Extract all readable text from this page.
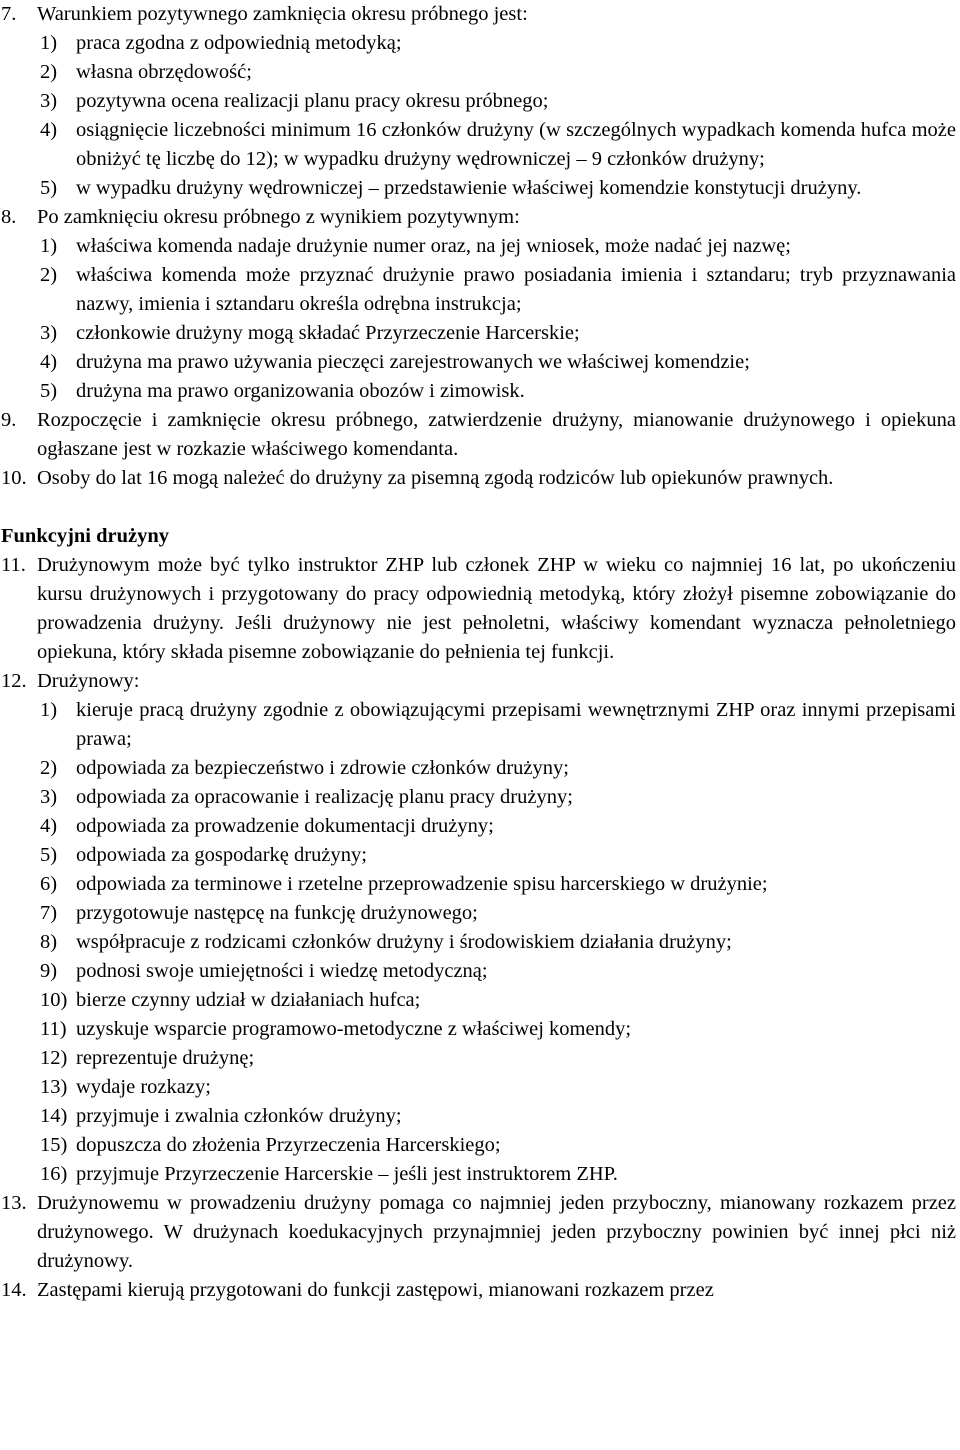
7.	Warunkiem pozytywnego zamknięcia okresu próbnego jest:
1) praca zgodna z odpowiednią metodyką;
2) własna obrzędowość;
3) pozytywna ocena realizacji planu pracy okresu próbnego;
4) osiągnięcie liczebności minimum 16 członków drużyny (w szczególnych wypadkach komenda hufca może obniżyć tę liczbę do 12); w wypadku drużyny wędrowniczej – 9 członków drużyny;
5) w wypadku drużyny wędrowniczej – przedstawienie właściwej komendzie konstytucji drużyny.
8.	Po zamknięciu okresu próbnego z wynikiem pozytywnym:
1) właściwa komenda nadaje drużynie numer oraz, na jej wniosek, może nadać jej nazwę;
2) właściwa komenda może przyznać drużynie prawo posiadania imienia i sztandaru; tryb przyznawania nazwy, imienia i sztandaru określa odrębna instrukcja;
3) członkowie drużyny mogą składać Przyrzeczenie Harcerskie;
4) drużyna ma prawo używania pieczęci zarejestrowanych we właściwej komendzie;
5) drużyna ma prawo organizowania obozów i zimowisk.
9.	Rozpoczęcie i zamknięcie okresu próbnego, zatwierdzenie drużyny, mianowanie drużynowego i opiekuna ogłaszane jest w rozkazie właściwego komendanta.
10. Osoby do lat 16 mogą należeć do drużyny za pisemną zgodą rodziców lub opiekunów prawnych.
Funkcyjni drużyny
11. Drużynowym może być tylko instruktor ZHP lub członek ZHP w wieku co najmniej 16 lat, po ukończeniu kursu drużynowych i przygotowany do pracy odpowiednią metodyką, który złożył pisemne zobowiązanie do prowadzenia drużyny. Jeśli drużynowy nie jest pełnoletni, właściwy komendant wyznacza pełnoletniego opiekuna, który składa pisemne zobowiązanie do pełnienia tej funkcji.
12. Drużynowy:
1) kieruje pracą drużyny zgodnie z obowiązującymi przepisami wewnętrznymi ZHP oraz innymi przepisami prawa;
2) odpowiada za bezpieczeństwo i zdrowie członków drużyny;
3) odpowiada za opracowanie i realizację planu pracy drużyny;
4) odpowiada za prowadzenie dokumentacji drużyny;
5) odpowiada za gospodarkę drużyny;
6) odpowiada za terminowe i rzetelne przeprowadzenie spisu harcerskiego w drużynie;
7) przygotowuje następcę na funkcję drużynowego;
8) współpracuje z rodzicami członków drużyny i środowiskiem działania drużyny;
9) podnosi swoje umiejętności i wiedzę metodyczną;
10) bierze czynny udział w działaniach hufca;
11) uzyskuje wsparcie programowo-metodyczne z właściwej komendy;
12) reprezentuje drużynę;
13) wydaje rozkazy;
14) przyjmuje i zwalnia członków drużyny;
15) dopuszcza do złożenia Przyrzeczenia Harcerskiego;
16) przyjmuje Przyrzeczenie Harcerskie – jeśli jest instruktorem ZHP.
13. Drużynowemu w prowadzeniu drużyny pomaga co najmniej jeden przyboczny, mianowany rozkazem przez drużynowego. W drużynach koedukacyjnych przynajmniej jeden przyboczny powinien być innej płci niż drużynowy.
14. Zastępami kierują przygotowani do funkcji zastępowi, mianowani rozkazem przez
